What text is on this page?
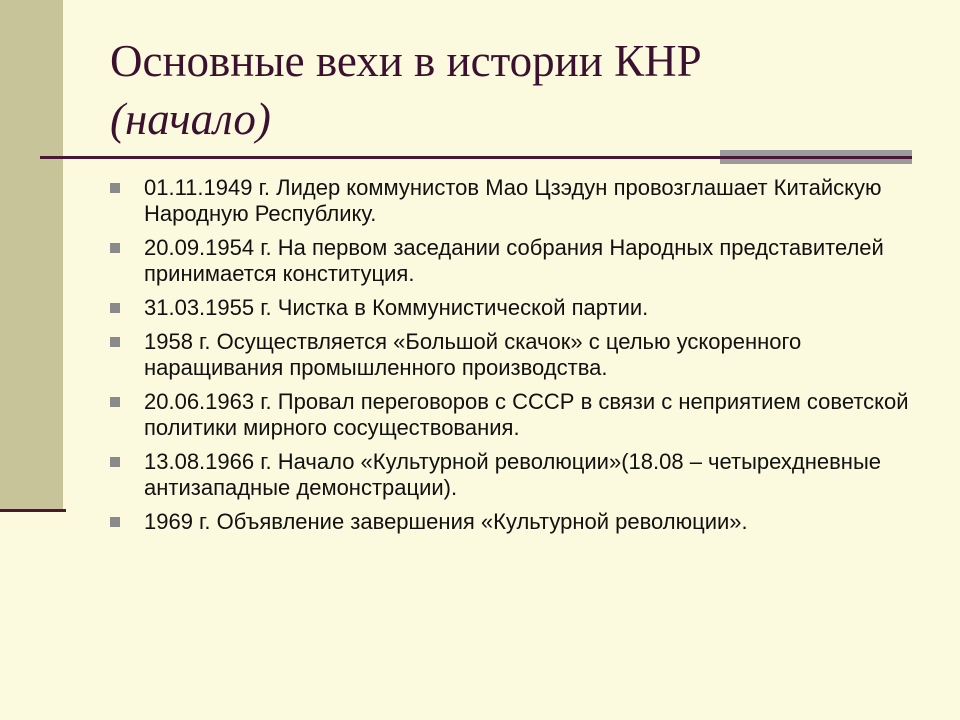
Основные вехи в истории КНР
(начало)
01.11.1949 г. Лидер коммунистов Мао Цзэдун провозглашает Китайскую Народную Республику.
20.09.1954 г. На первом заседании собрания Народных представителей принимается конституция.
31.03.1955 г. Чистка в Коммунистической партии.
1958 г. Осуществляется «Большой скачок» с целью ускоренного наращивания промышленного производства.
20.06.1963 г. Провал переговоров с СССР в связи с неприятием советской политики мирного сосуществования.
13.08.1966 г. Начало «Культурной революции»(18.08 – четырехдневные антизападные демонстрации).
1969 г. Объявление завершения «Культурной революции».
